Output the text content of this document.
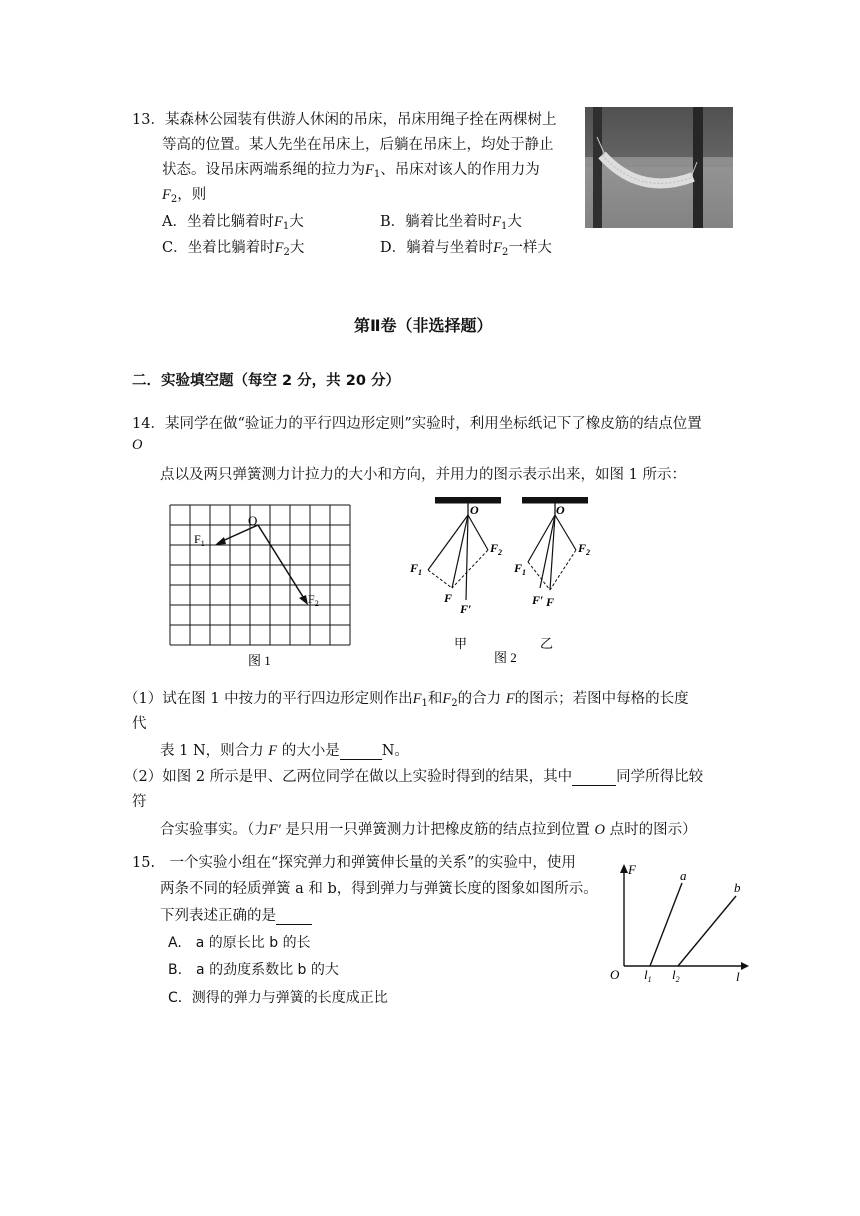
13．某森林公园装有供游人休闲的吊床，吊床用绳子拴在两棵树上
等高的位置。某人先坐在吊床上，后躺在吊床上，均处于静止
状态。设吊床两端系绳的拉力为$F_1$、吊床对该人的作用力为
$F_2$，则
A．坐着比躺着时$F_1$大	B．躺着比坐着时$F_1$大
C．坐着比躺着时$F_2$大	D．躺着与坐着时$F_2$一样大
第Ⅱ卷（非选择题）
二．实验填空题（每空 2 分，共 20 分）
14．某同学在做“验证力的平行四边形定则”实验时，利用坐标纸记下了橡皮筋的结点位置
O
点以及两只弹簧测力计拉力的大小和方向，并用力的图示表示出来，如图 1 所示：
O
$F_1$
$F_2$
图 1
O
$F_2$
$F_1$
F
F′
甲
O
$F_2$
$F_1$
F′ F
乙
图 2
（1）试在图 1 中按力的平行四边形定则作出$F_1$和$F_2$的合力 F的图示；若图中每格的长度
代
表 1 N，则合力 F 的大小是	N。
（2）如图 2 所示是甲、乙两位同学在做以上实验时得到的结果，其中	同学所得比较
符
合实验事实。（力F′ 是只用一只弹簧测力计把橡皮筋的结点拉到位置 O 点时的图示）
15.　一个实验小组在“探究弹力和弹簧伸长量的关系”的实验中，使用
两条不同的轻质弹簧 a 和 b，得到弹力与弹簧长度的图象如图所示。
下列表述正确的是
A.　a 的原长比 b 的长
B.　a 的劲度系数比 b 的大
C．测得的弹力与弹簧的长度成正比
F	a
b
O $l_1$ $l_2$	l
